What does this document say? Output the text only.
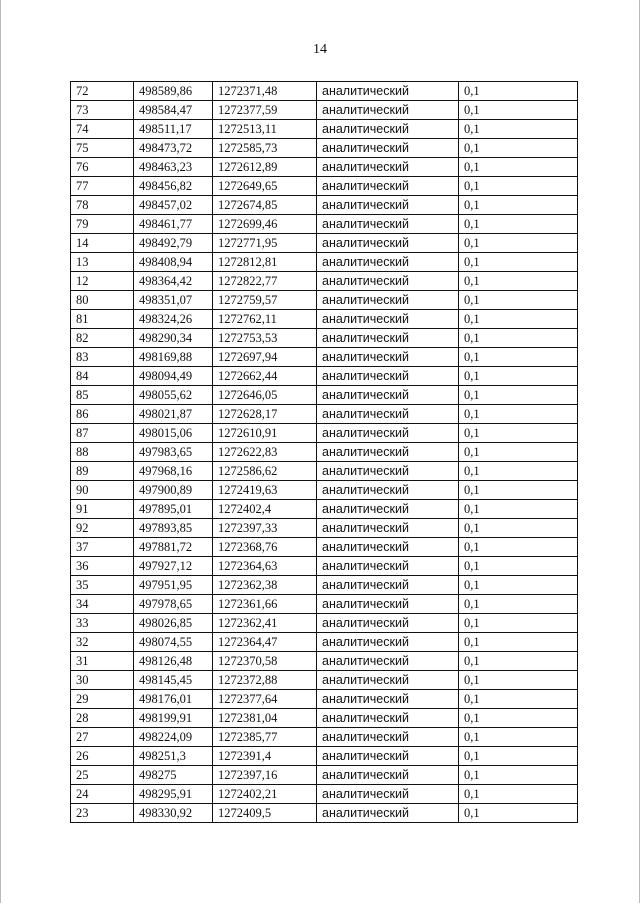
14
72	498589,86	1272371,48	аналитический	0,1
73	498584,47	1272377,59	аналитический	0,1
74	498511,17	1272513,11	аналитический	0,1
75	498473,72	1272585,73	аналитический	0,1
76	498463,23	1272612,89	аналитический	0,1
77	498456,82	1272649,65	аналитический	0,1
78	498457,02	1272674,85	аналитический	0,1
79	498461,77	1272699,46	аналитический	0,1
14	498492,79	1272771,95	аналитический	0,1
13	498408,94	1272812,81	аналитический	0,1
12	498364,42	1272822,77	аналитический	0,1
80	498351,07	1272759,57	аналитический	0,1
81	498324,26	1272762,11	аналитический	0,1
82	498290,34	1272753,53	аналитический	0,1
83	498169,88	1272697,94	аналитический	0,1
84	498094,49	1272662,44	аналитический	0,1
85	498055,62	1272646,05	аналитический	0,1
86	498021,87	1272628,17	аналитический	0,1
87	498015,06	1272610,91	аналитический	0,1
88	497983,65	1272622,83	аналитический	0,1
89	497968,16	1272586,62	аналитический	0,1
90	497900,89	1272419,63	аналитический	0,1
91	497895,01	1272402,4	аналитический	0,1
92	497893,85	1272397,33	аналитический	0,1
37	497881,72	1272368,76	аналитический	0,1
36	497927,12	1272364,63	аналитический	0,1
35	497951,95	1272362,38	аналитический	0,1
34	497978,65	1272361,66	аналитический	0,1
33	498026,85	1272362,41	аналитический	0,1
32	498074,55	1272364,47	аналитический	0,1
31	498126,48	1272370,58	аналитический	0,1
30	498145,45	1272372,88	аналитический	0,1
29	498176,01	1272377,64	аналитический	0,1
28	498199,91	1272381,04	аналитический	0,1
27	498224,09	1272385,77	аналитический	0,1
26	498251,3	1272391,4	аналитический	0,1
25	498275	1272397,16	аналитический	0,1
24	498295,91	1272402,21	аналитический	0,1
23	498330,92	1272409,5	аналитический	0,1
